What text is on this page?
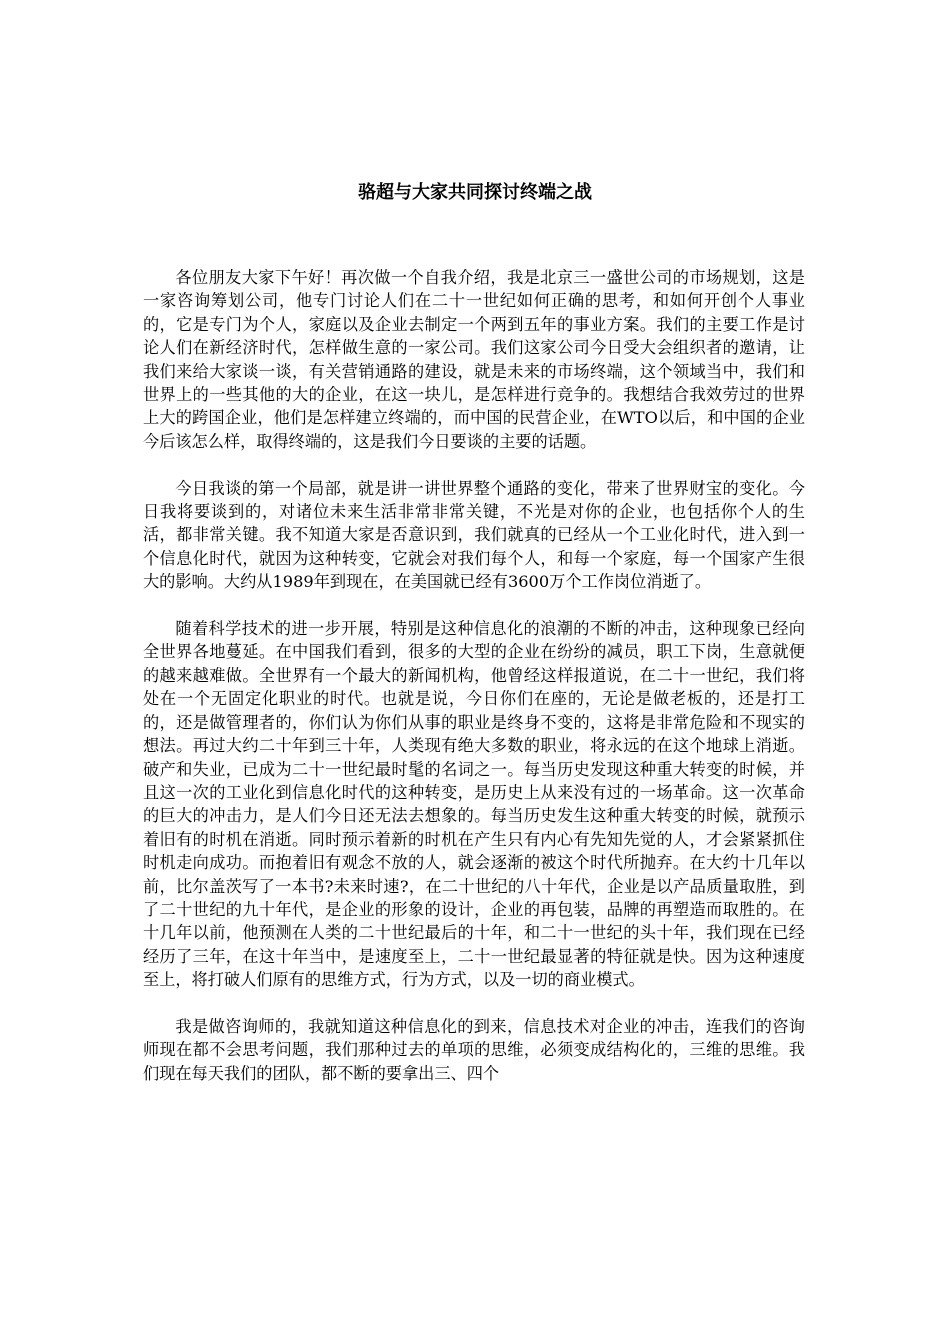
骆超与大家共同探讨终端之战

各位朋友大家下午好！再次做一个自我介绍，我是北京三一盛世公司的市场规划，这是一家咨询筹划公司，他专门讨论人们在二十一世纪如何正确的思考，和如何开创个人事业的，它是专门为个人，家庭以及企业去制定一个两到五年的事业方案。我们的主要工作是讨论人们在新经济时代，怎样做生意的一家公司。我们这家公司今日受大会组织者的邀请，让我们来给大家谈一谈，有关营销通路的建设，就是未来的市场终端，这个领域当中，我们和世界上的一些其他的大的企业，在这一块儿，是怎样进行竞争的。我想结合我效劳过的世界上大的跨国企业，他们是怎样建立终端的，而中国的民营企业，在WTO以后，和中国的企业今后该怎么样，取得终端的，这是我们今日要谈的主要的话题。

今日我谈的第一个局部，就是讲一讲世界整个通路的变化，带来了世界财宝的变化。今日我将要谈到的，对诸位未来生活非常非常关键，不光是对你的企业，也包括你个人的生活，都非常关键。我不知道大家是否意识到，我们就真的已经从一个工业化时代，进入到一个信息化时代，就因为这种转变，它就会对我们每个人，和每一个家庭，每一个国家产生很大的影响。大约从1989年到现在，在美国就已经有3600万个工作岗位消逝了。

随着科学技术的进一步开展，特别是这种信息化的浪潮的不断的冲击，这种现象已经向全世界各地蔓延。在中国我们看到，很多的大型的企业在纷纷的减员，职工下岗，生意就便的越来越难做。全世界有一个最大的新闻机构，他曾经这样报道说，在二十一世纪，我们将处在一个无固定化职业的时代。也就是说，今日你们在座的，无论是做老板的，还是打工的，还是做管理者的，你们认为你们从事的职业是终身不变的，这将是非常危险和不现实的想法。再过大约二十年到三十年，人类现有绝大多数的职业，将永远的在这个地球上消逝。破产和失业，已成为二十一世纪最时髦的名词之一。每当历史发现这种重大转变的时候，并且这一次的工业化到信息化时代的这种转变，是历史上从来没有过的一场革命。这一次革命的巨大的冲击力，是人们今日还无法去想象的。每当历史发生这种重大转变的时候，就预示着旧有的时机在消逝。同时预示着新的时机在产生只有内心有先知先觉的人，才会紧紧抓住时机走向成功。而抱着旧有观念不放的人，就会逐渐的被这个时代所抛弃。在大约十几年以前，比尔盖茨写了一本书?未来时速?，在二十世纪的八十年代，企业是以产品质量取胜，到了二十世纪的九十年代，是企业的形象的设计，企业的再包装，品牌的再塑造而取胜的。在十几年以前，他预测在人类的二十世纪最后的十年，和二十一世纪的头十年，我们现在已经经历了三年，在这十年当中，是速度至上，二十一世纪最显著的特征就是快。因为这种速度至上，将打破人们原有的思维方式，行为方式，以及一切的商业模式。

我是做咨询师的，我就知道这种信息化的到来，信息技术对企业的冲击，连我们的咨询师现在都不会思考问题，我们那种过去的单项的思维，必须变成结构化的，三维的思维。我们现在每天我们的团队，都不断的要拿出三、四个
